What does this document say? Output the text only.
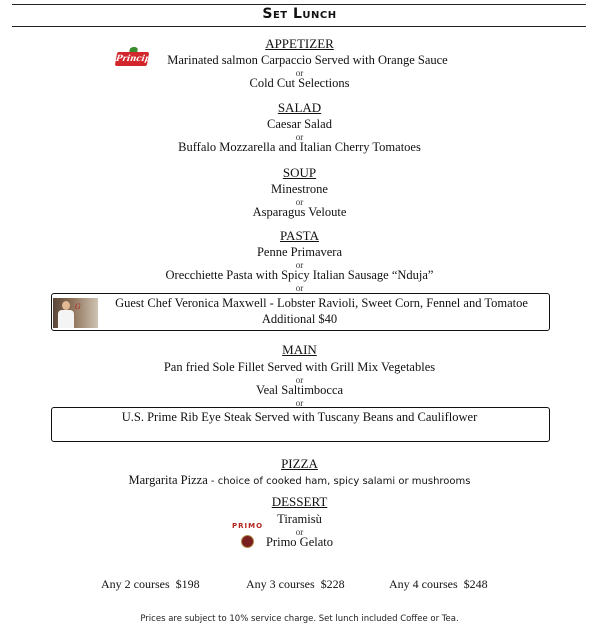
Set Lunch
APPETIZER
Principe Marinated salmon Carpaccio Served with Orange Sauce
or
Cold Cut Selections
SALAD
Caesar Salad
or
Buffalo Mozzarella and Italian Cherry Tomatoes
SOUP
Minestrone
or
Asparagus Veloute
PASTA
Penne Primavera
or
Orecchiette Pasta with Spicy Italian Sausage “Nduja”
or
G	Guest Chef Veronica Maxwell - Lobster Ravioli, Sweet Corn, Fennel and Tomatoe
Additional $40
MAIN
Pan fried Sole Fillet Served with Grill Mix Vegetables
or
Veal Saltimbocca
or
U.S. Prime Rib Eye Steak Served with Tuscany Beans and Cauliflower
PIZZA
Margarita Pizza - choice of cooked ham, spicy salami or mushrooms
DESSERT
Tiramisù
or
PRIMO
Primo Gelato
Any 2 courses $198	Any 3 courses $228	Any 4 courses $248
Prices are subject to 10% service charge. Set lunch included Coffee or Tea.
